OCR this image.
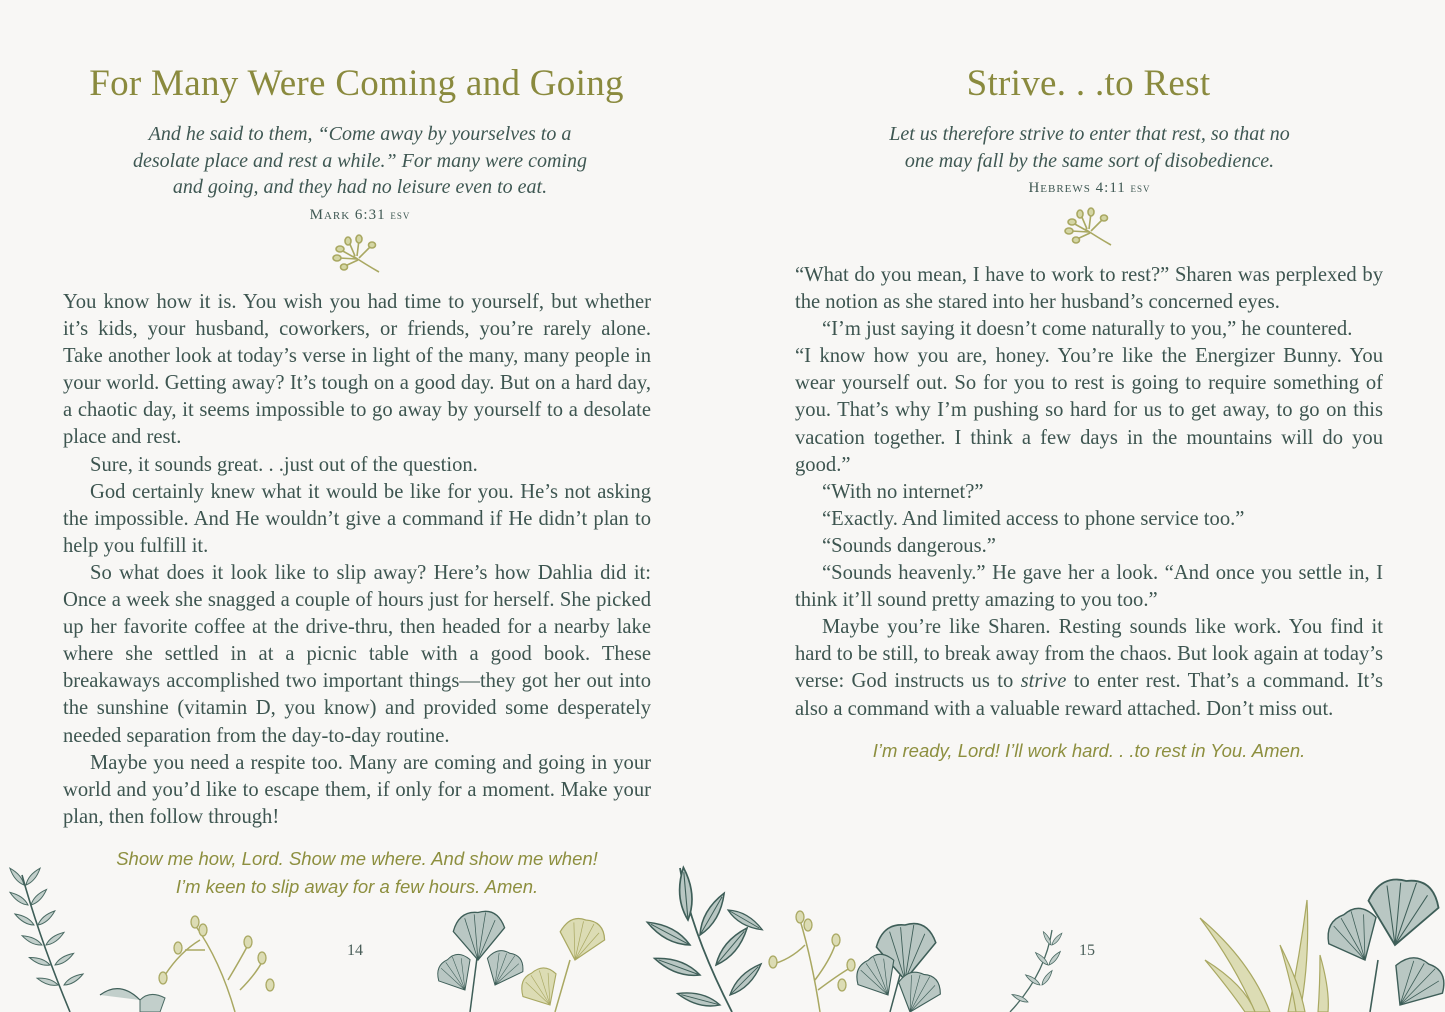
For Many Were Coming and Going
And he said to them, “Come away by yourselves to a
desolate place and rest a while.” For many were coming
and going, and they had no leisure even to eat.
Mark 6:31 esv

You know how it is. You wish you had time to yourself, but whether it’s kids, your husband, coworkers, or friends, you’re rarely alone. Take another look at today’s verse in light of the many, many people in your world. Getting away? It’s tough on a good day. But on a hard day, a chaotic day, it seems impossible to go away by yourself to a desolate place and rest.

Sure, it sounds great. . .just out of the question.

God certainly knew what it would be like for you. He’s not asking the impossible. And He wouldn’t give a command if He didn’t plan to help you fulfill it.

So what does it look like to slip away? Here’s how Dahlia did it: Once a week she snagged a couple of hours just for herself. She picked up her favorite coffee at the drive-thru, then headed for a nearby lake where she settled in at a picnic table with a good book. These breakaways accomplished two important things—they got her out into the sunshine (vitamin D, you know) and provided some desperately needed separation from the day-to-day routine.

Maybe you need a respite too. Many are coming and going in your world and you’d like to escape them, if only for a moment. Make your plan, then follow through!

Show me how, Lord. Show me where. And show me when!
I’m keen to slip away for a few hours. Amen.
14
Strive. . .to Rest
Let us therefore strive to enter that rest, so that no
one may fall by the same sort of disobedience.
Hebrews 4:11 esv

“What do you mean, I have to work to rest?” Sharen was perplexed by the notion as she stared into her husband’s concerned eyes.

“I’m just saying it doesn’t come naturally to you,” he countered.

“I know how you are, honey. You’re like the Energizer Bunny. You wear yourself out. So for you to rest is going to require something of you. That’s why I’m pushing so hard for us to get away, to go on this vacation together. I think a few days in the mountains will do you good.”

“With no internet?”

“Exactly. And limited access to phone service too.”

“Sounds dangerous.”

“Sounds heavenly.” He gave her a look. “And once you settle in, I think it’ll sound pretty amazing to you too.”

Maybe you’re like Sharen. Resting sounds like work. You find it hard to be still, to break away from the chaos. But look again at today’s verse: God instructs us to strive to enter rest. That’s a command. It’s also a command with a valuable reward attached. Don’t miss out.

I’m ready, Lord! I’ll work hard. . .to rest in You. Amen.
15
